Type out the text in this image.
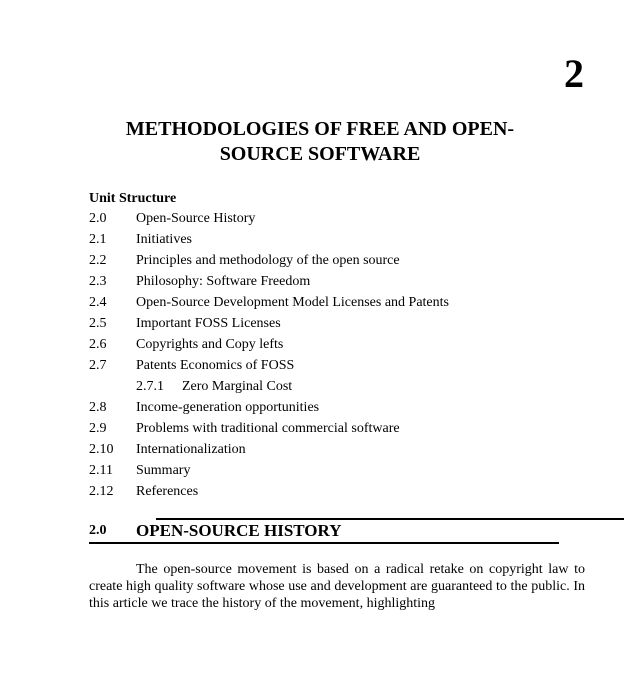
2
METHODOLOGIES OF FREE AND OPEN-
SOURCE SOFTWARE
Unit Structure
2.0	Open-Source History
2.1	Initiatives
2.2	Principles and methodology of the open source
2.3	Philosophy: Software Freedom
2.4	Open-Source Development Model Licenses and Patents
2.5	Important FOSS Licenses
2.6	Copyrights and Copy lefts
2.7	Patents Economics of FOSS
2.7.1	Zero Marginal Cost
2.8	Income-generation opportunities
2.9	Problems with traditional commercial software
2.10	Internationalization
2.11	Summary
2.12	References
2.0	OPEN-SOURCE HISTORY

The open-source movement is based on a radical retake on copyright law to create high quality software whose use and development are guaranteed to the public. In this article we trace the history of the movement, highlighting
